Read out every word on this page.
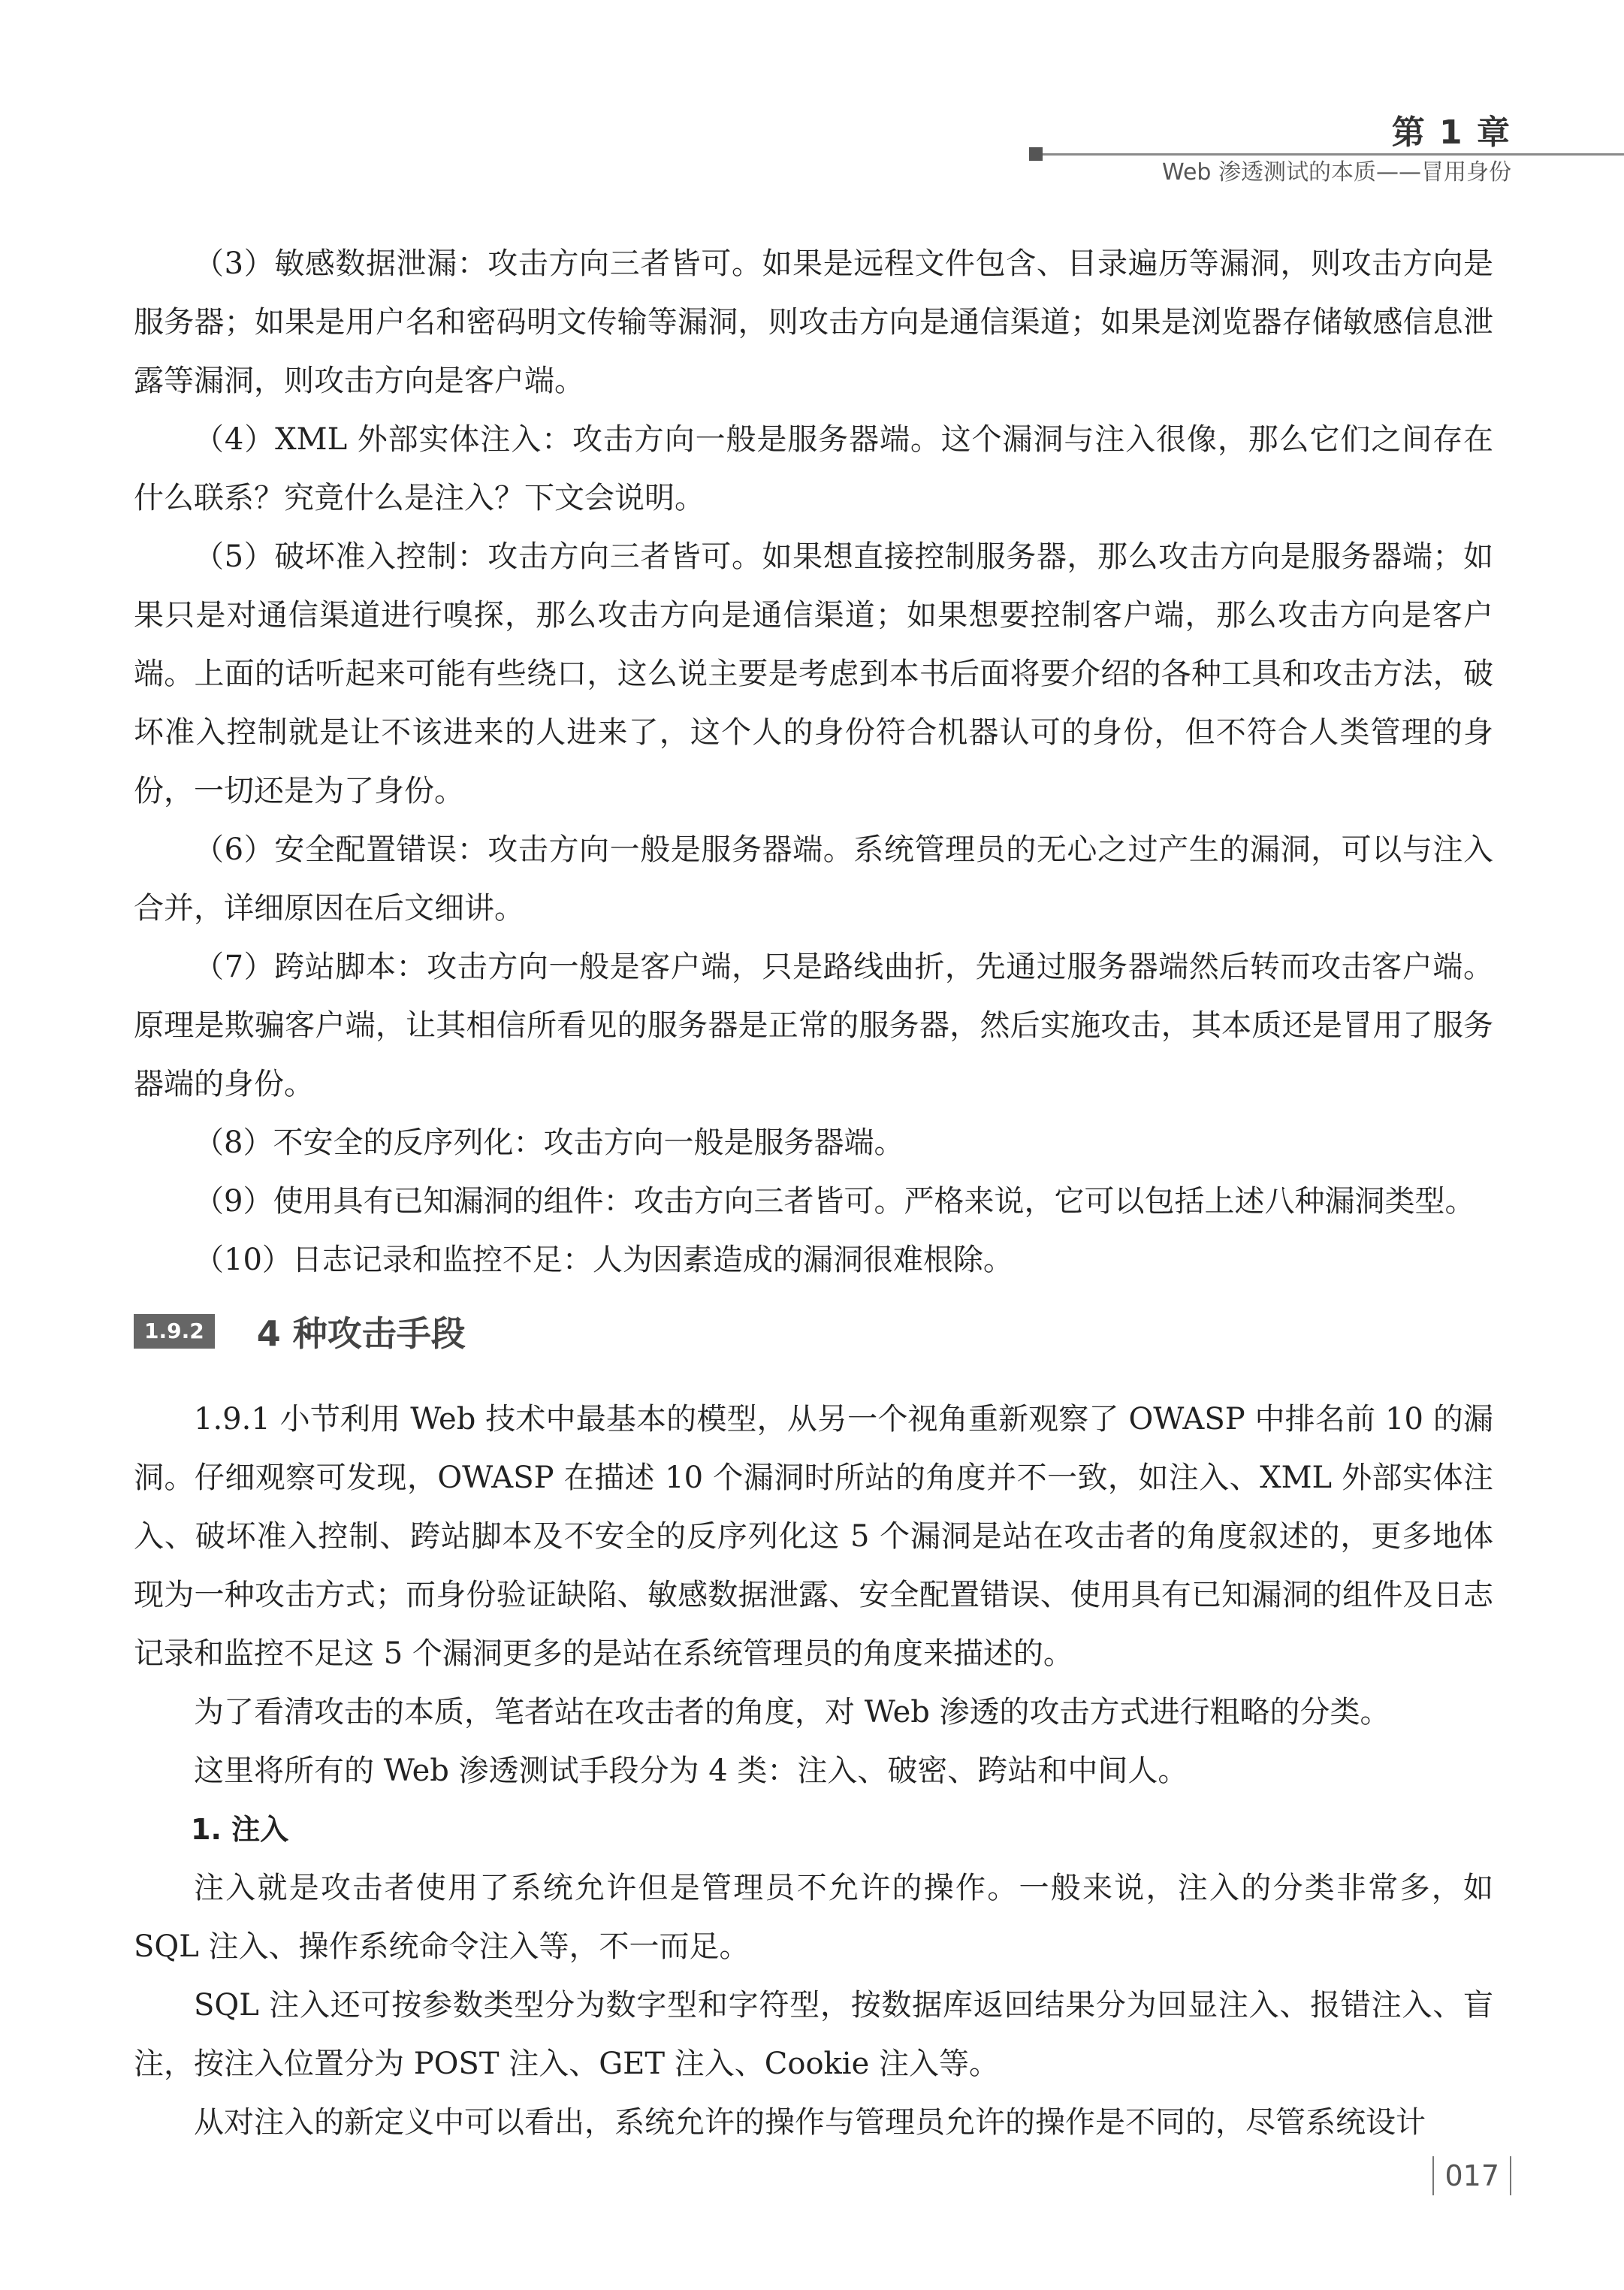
第 1 章
Web 渗透测试的本质——冒用身份

（3）敏感数据泄漏：攻击方向三者皆可。如果是远程文件包含、目录遍历等漏洞，则攻击方向是服务器；如果是用户名和密码明文传输等漏洞，则攻击方向是通信渠道；如果是浏览器存储敏感信息泄露等漏洞，则攻击方向是客户端。

（4）XML 外部实体注入：攻击方向一般是服务器端。这个漏洞与注入很像，那么它们之间存在什么联系？究竟什么是注入？下文会说明。

（5）破坏准入控制：攻击方向三者皆可。如果想直接控制服务器，那么攻击方向是服务器端；如果只是对通信渠道进行嗅探，那么攻击方向是通信渠道；如果想要控制客户端，那么攻击方向是客户端。上面的话听起来可能有些绕口，这么说主要是考虑到本书后面将要介绍的各种工具和攻击方法，破坏准入控制就是让不该进来的人进来了，这个人的身份符合机器认可的身份，但不符合人类管理的身份，一切还是为了身份。

（6）安全配置错误：攻击方向一般是服务器端。系统管理员的无心之过产生的漏洞，可以与注入合并，详细原因在后文细讲。

（7）跨站脚本：攻击方向一般是客户端，只是路线曲折，先通过服务器端然后转而攻击客户端。原理是欺骗客户端，让其相信所看见的服务器是正常的服务器，然后实施攻击，其本质还是冒用了服务器端的身份。

（8）不安全的反序列化：攻击方向一般是服务器端。

（9）使用具有已知漏洞的组件：攻击方向三者皆可。严格来说，它可以包括上述八种漏洞类型。

（10）日志记录和监控不足：人为因素造成的漏洞很难根除。

1.9.2	4 种攻击手段

1.9.1 小节利用 Web 技术中最基本的模型，从另一个视角重新观察了 OWASP 中排名前 10 的漏洞。仔细观察可发现，OWASP 在描述 10 个漏洞时所站的角度并不一致，如注入、XML 外部实体注入、破坏准入控制、跨站脚本及不安全的反序列化这 5 个漏洞是站在攻击者的角度叙述的，更多地体现为一种攻击方式；而身份验证缺陷、敏感数据泄露、安全配置错误、使用具有已知漏洞的组件及日志记录和监控不足这 5 个漏洞更多的是站在系统管理员的角度来描述的。

为了看清攻击的本质，笔者站在攻击者的角度，对 Web 渗透的攻击方式进行粗略的分类。

这里将所有的 Web 渗透测试手段分为 4 类：注入、破密、跨站和中间人。

1. 注入

注入就是攻击者使用了系统允许但是管理员不允许的操作。一般来说，注入的分类非常多，如 SQL 注入、操作系统命令注入等，不一而足。

SQL 注入还可按参数类型分为数字型和字符型，按数据库返回结果分为回显注入、报错注入、盲注，按注入位置分为 POST 注入、GET 注入、Cookie 注入等。

从对注入的新定义中可以看出，系统允许的操作与管理员允许的操作是不同的，尽管系统设计

017
